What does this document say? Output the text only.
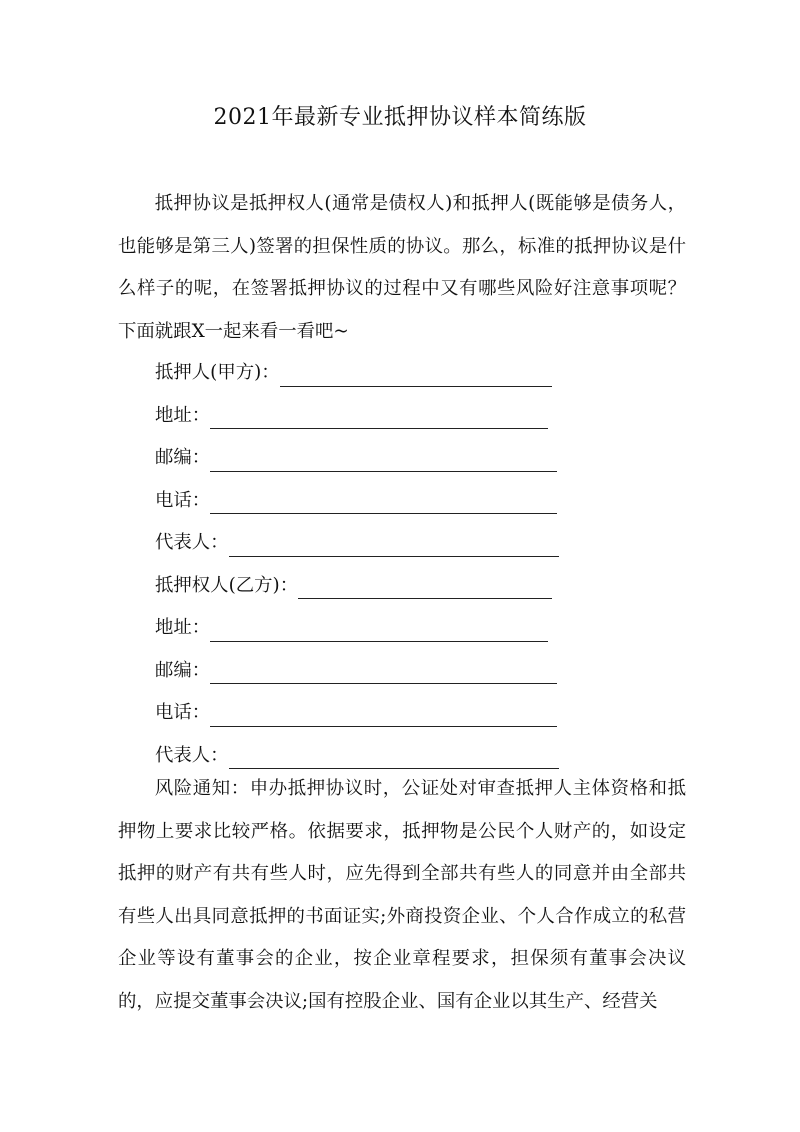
2021年最新专业抵押协议样本简练版

抵押协议是抵押权人(通常是债权人)和抵押人(既能够是债务人，也能够是第三人)签署的担保性质的协议。那么，标准的抵押协议是什么样子的呢，在签署抵押协议的过程中又有哪些风险好注意事项呢？下面就跟X一起来看一看吧~

抵押人(甲方)：
地址：
邮编：
电话：
代表人：
抵押权人(乙方)：
地址：
邮编：
电话：
代表人：

风险通知：申办抵押协议时，公证处对审查抵押人主体资格和抵押物上要求比较严格。依据要求，抵押物是公民个人财产的，如设定抵押的财产有共有些人时，应先得到全部共有些人的同意并由全部共有些人出具同意抵押的书面证实;外商投资企业、个人合作成立的私营企业等设有董事会的企业，按企业章程要求，担保须有董事会决议的，应提交董事会决议;国有控股企业、国有企业以其生产、经营关
